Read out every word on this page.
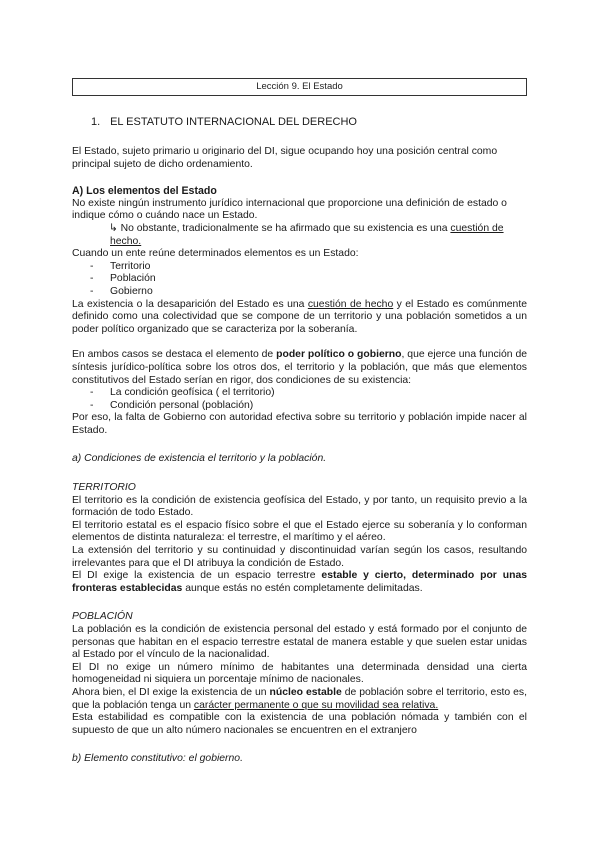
Lección 9. El Estado
1. EL ESTATUTO INTERNACIONAL DEL DERECHO

El Estado, sujeto primario u originario del DI, sigue ocupando hoy una posición central como principal sujeto de dicho ordenamiento.

A) Los elementos del Estado

No existe ningún instrumento jurídico internacional que proporcione una definición de estado o indique cómo o cuándo nace un Estado.

↳ No obstante, tradicionalmente se ha afirmado que su existencia es una cuestión de hecho.

Cuando un ente reúne determinados elementos es un Estado:

- Territorio
- Población
- Gobierno

La existencia o la desaparición del Estado es una cuestión de hecho y el Estado es comúnmente definido como una colectividad que se compone de un territorio y una población sometidos a un poder político organizado que se caracteriza por la soberanía.

En ambos casos se destaca el elemento de poder político o gobierno, que ejerce una función de síntesis jurídico-política sobre los otros dos, el territorio y la población, que más que elementos constitutivos del Estado serían en rigor, dos condiciones de su existencia:

- La condición geofísica ( el territorio)
- Condición personal (población)

Por eso, la falta de Gobierno con autoridad efectiva sobre su territorio y población impide nacer al Estado.

a) Condiciones de existencia el territorio y la población.

TERRITORIO

El territorio es la condición de existencia geofísica del Estado, y por tanto, un requisito previo a la formación de todo Estado.

El territorio estatal es el espacio físico sobre el que el Estado ejerce su soberanía y lo conforman elementos de distinta naturaleza: el terrestre, el marítimo y el aéreo.

La extensión del territorio y su continuidad y discontinuidad varían según los casos, resultando irrelevantes para que el DI atribuya la condición de Estado.

El DI exige la existencia de un espacio terrestre estable y cierto, determinado por unas fronteras establecidas aunque estás no estén completamente delimitadas.

POBLACIÓN

La población es la condición de existencia personal del estado y está formado por el conjunto de personas que habitan en el espacio terrestre estatal de manera estable y que suelen estar unidas al Estado por el vínculo de la nacionalidad.

El DI no exige un número mínimo de habitantes una determinada densidad una cierta homogeneidad ni siquiera un porcentaje mínimo de nacionales.

Ahora bien, el DI exige la existencia de un núcleo estable de población sobre el territorio, esto es, que la población tenga un carácter permanente o que su movilidad sea relativa.

Esta estabilidad es compatible con la existencia de una población nómada y también con el supuesto de que un alto número nacionales se encuentren en el extranjero

b) Elemento constitutivo: el gobierno.
